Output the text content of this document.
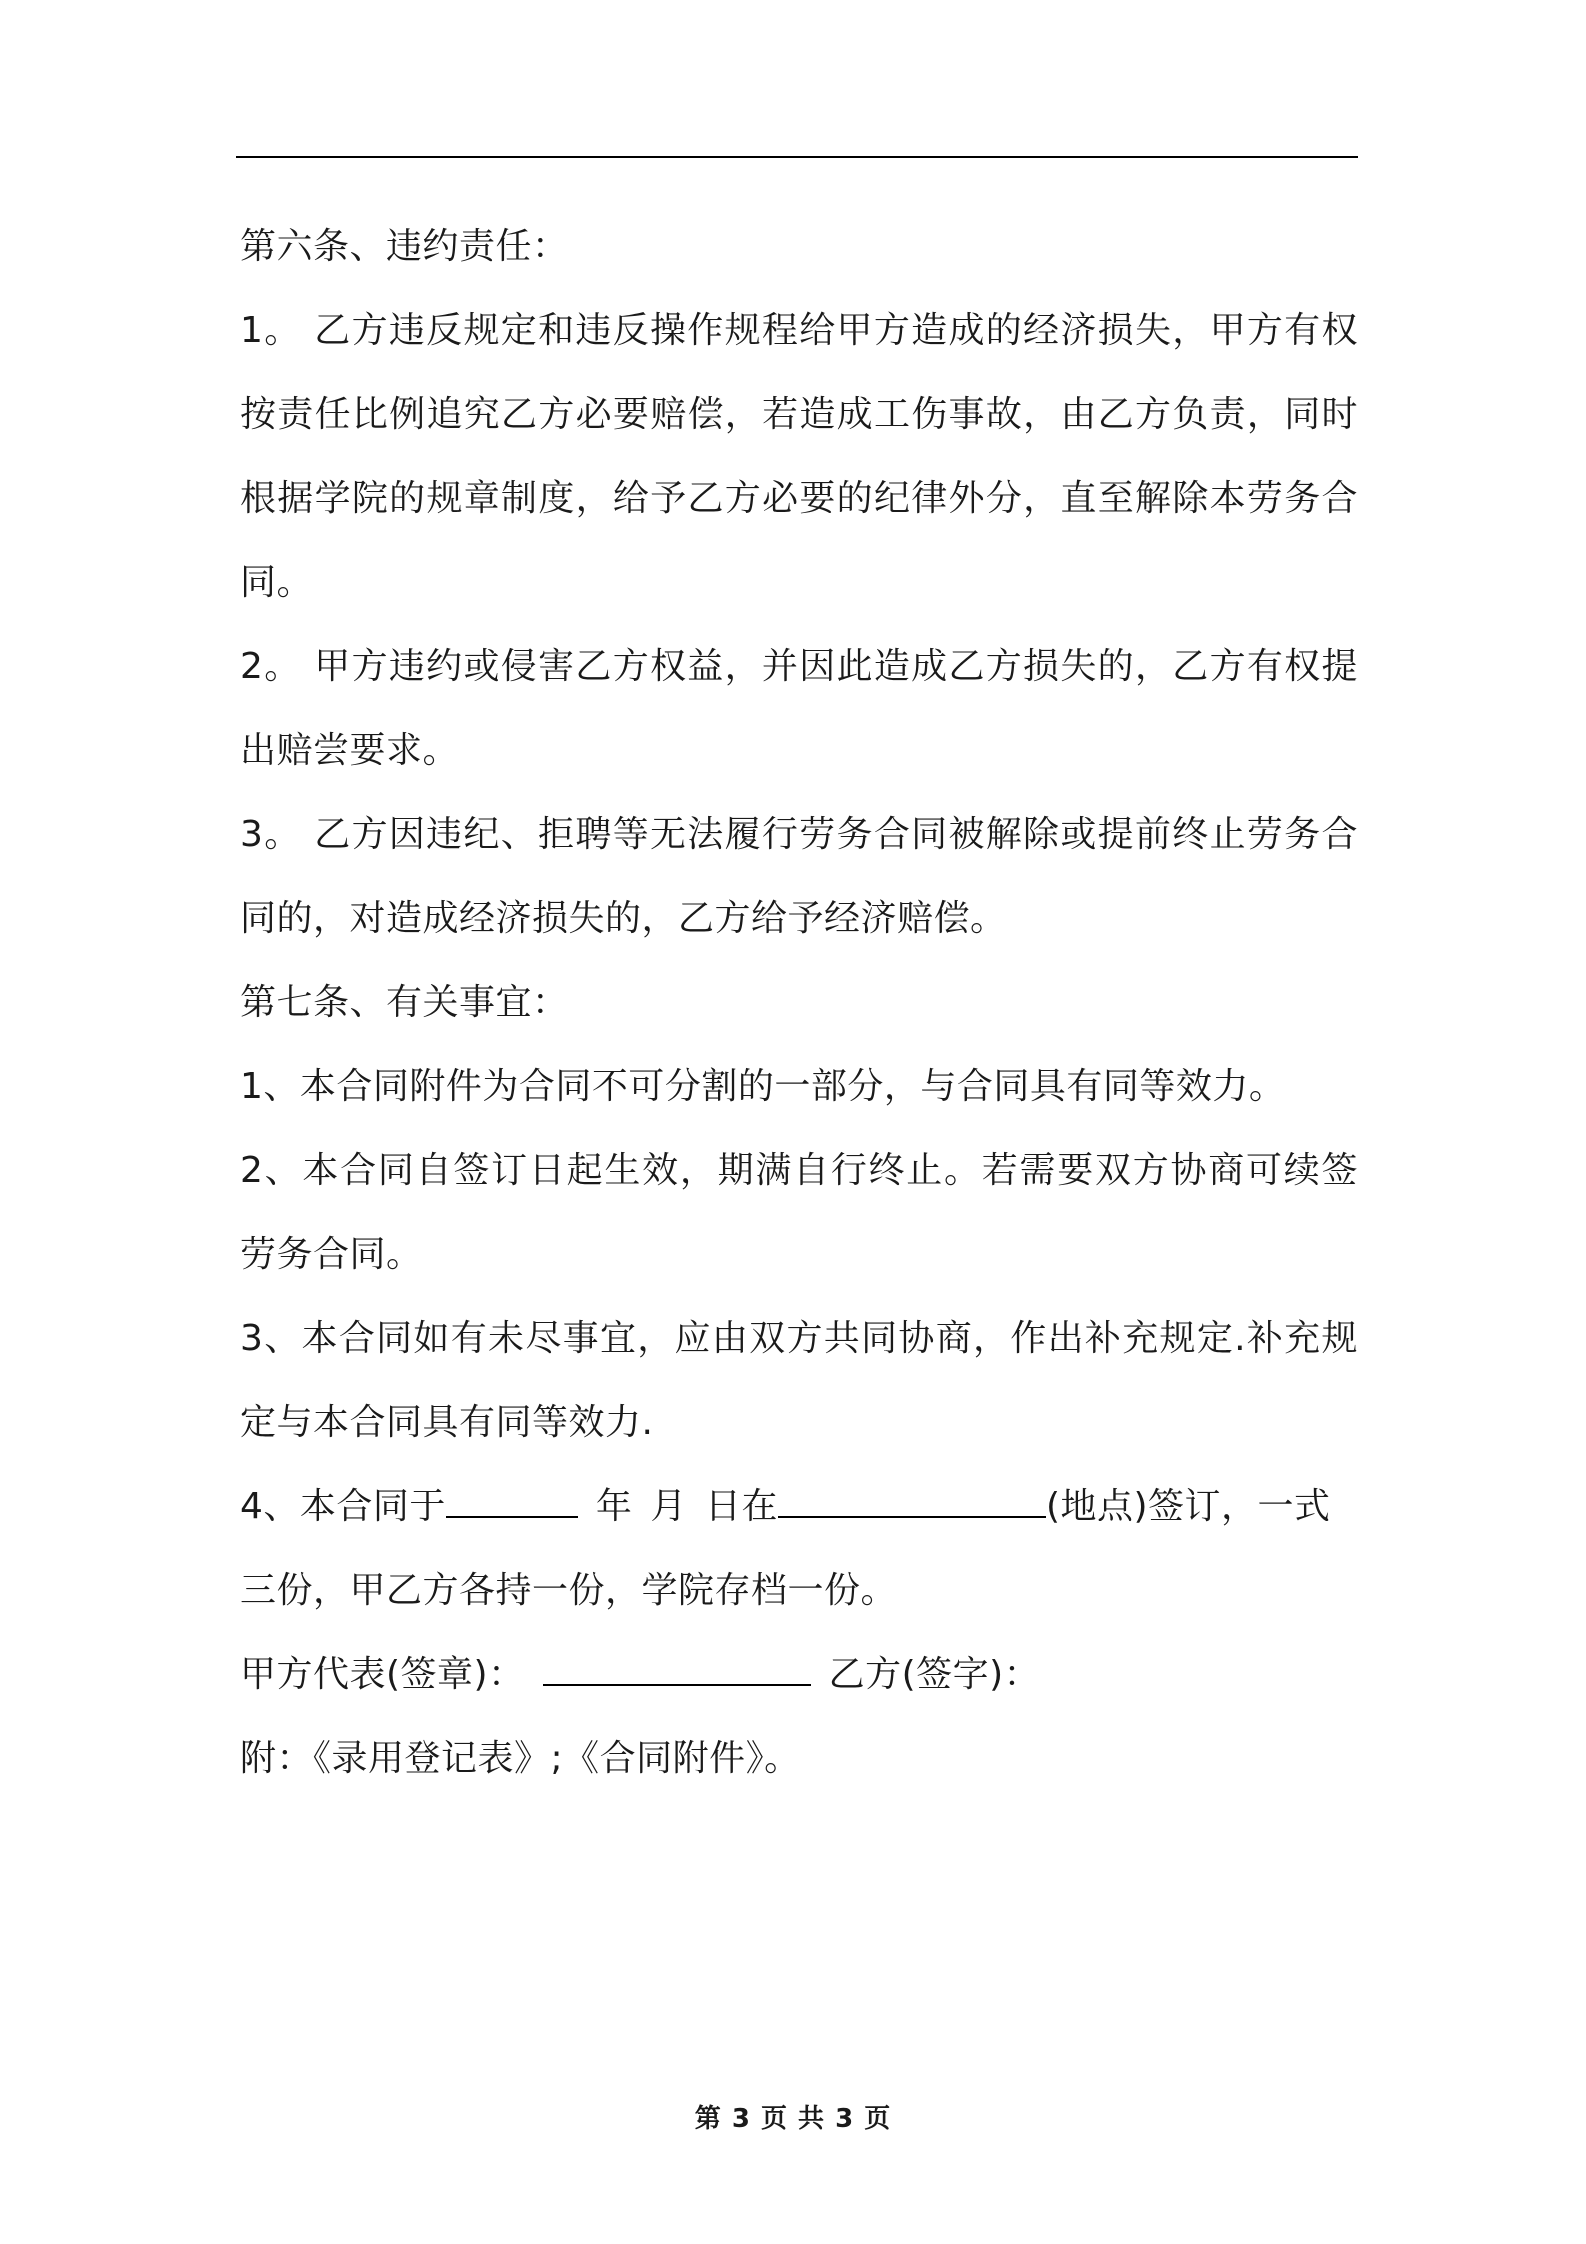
第六条、违约责任：
1。 乙方违反规定和违反操作规程给甲方造成的经济损失，甲方有权
按责任比例追究乙方必要赔偿，若造成工伤事故，由乙方负责，同时
根据学院的规章制度，给予乙方必要的纪律外分，直至解除本劳务合
同。
2。 甲方违约或侵害乙方权益，并因此造成乙方损失的，乙方有权提
出赔尝要求。
3。 乙方因违纪、拒聘等无法履行劳务合同被解除或提前终止劳务合
同的，对造成经济损失的，乙方给予经济赔偿。
第七条、有关事宜：
1、本合同附件为合同不可分割的一部分，与合同具有同等效力。
2、本合同自签订日起生效，期满自行终止。若需要双方协商可续签
劳务合同。
3、本合同如有未尽事宜，应由双方共同协商，作出补充规定.补充规
定与本合同具有同等效力.
4、本合同于	年 月 日在	(地点)签订，一式
三份，甲乙方各持一份，学院存档一份。
甲方代表(签章)：	乙方(签字)：
附：《录用登记表》;《合同附件》。
第 3 页 共 3 页
